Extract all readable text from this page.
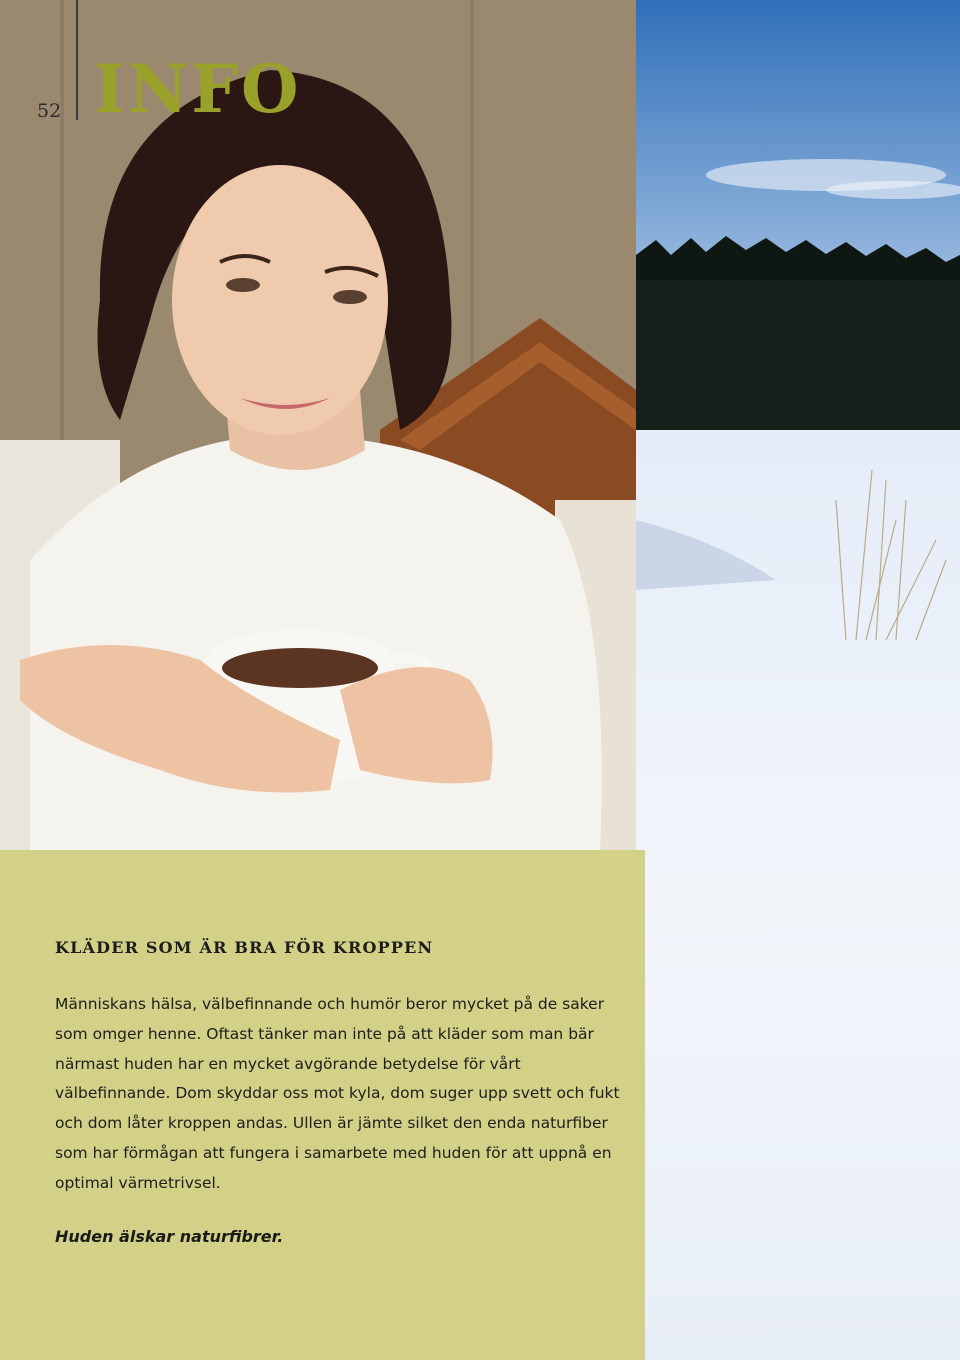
52 INFO
KLÄDER SOM ÄR BRA FÖR KROPPEN

Människans hälsa, välbefinnande och humör beror mycket på de saker som omger henne. Oftast tänker man inte på att kläder som man bär närmast huden har en mycket avgörande betydelse för vårt välbefinnande. Dom skyddar oss mot kyla, dom suger upp svett och fukt och dom låter kroppen andas. Ullen är jämte silket den enda naturfiber som har förmågan att fungera i samarbete med huden för att uppnå en optimal värmetrivsel.

Huden älskar naturfibrer.
